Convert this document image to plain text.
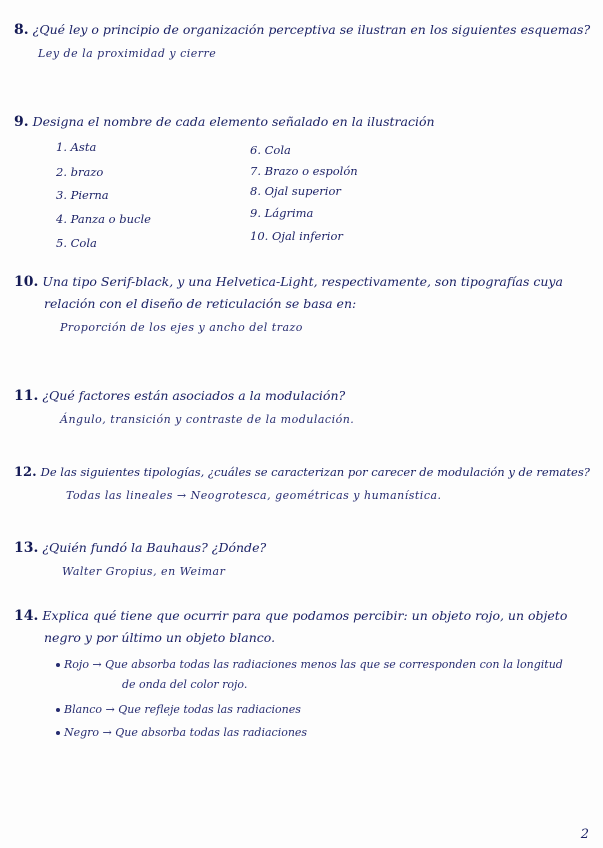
8. ¿Qué ley o principio de organización perceptiva se ilustran en los siguientes esquemas?
Ley de la proximidad y cierre
9. Designa el nombre de cada elemento señalado en la ilustración
1. Asta
2. brazo
3. Pierna
4. Panza o bucle
5. Cola
6. Cola
7. Brazo o espolón
8. Ojal superior
9. Lágrima
10. Ojal inferior
10. Una tipo Serif-black, y una Helvetica-Light, respectivamente, son tipografías cuya
relación con el diseño de reticulación se basa en:
Proporción de los ejes y ancho del trazo
11. ¿Qué factores están asociados a la modulación?
Ángulo, transición y contraste de la modulación.
12. De las siguientes tipologías, ¿cuáles se caracterizan por carecer de modulación y de remates?
Todas las lineales → Neogrotesca, geométricas y humanística.
13. ¿Quién fundó la Bauhaus? ¿Dónde?
Walter Gropius, en Weimar
14. Explica qué tiene que ocurrir para que podamos percibir: un objeto rojo, un objeto
negro y por último un objeto blanco.
Rojo → Que absorba todas las radiaciones menos las que se corresponden con la longitud
de onda del color rojo.
Blanco → Que refleje todas las radiaciones
Negro → Que absorba todas las radiaciones
2
